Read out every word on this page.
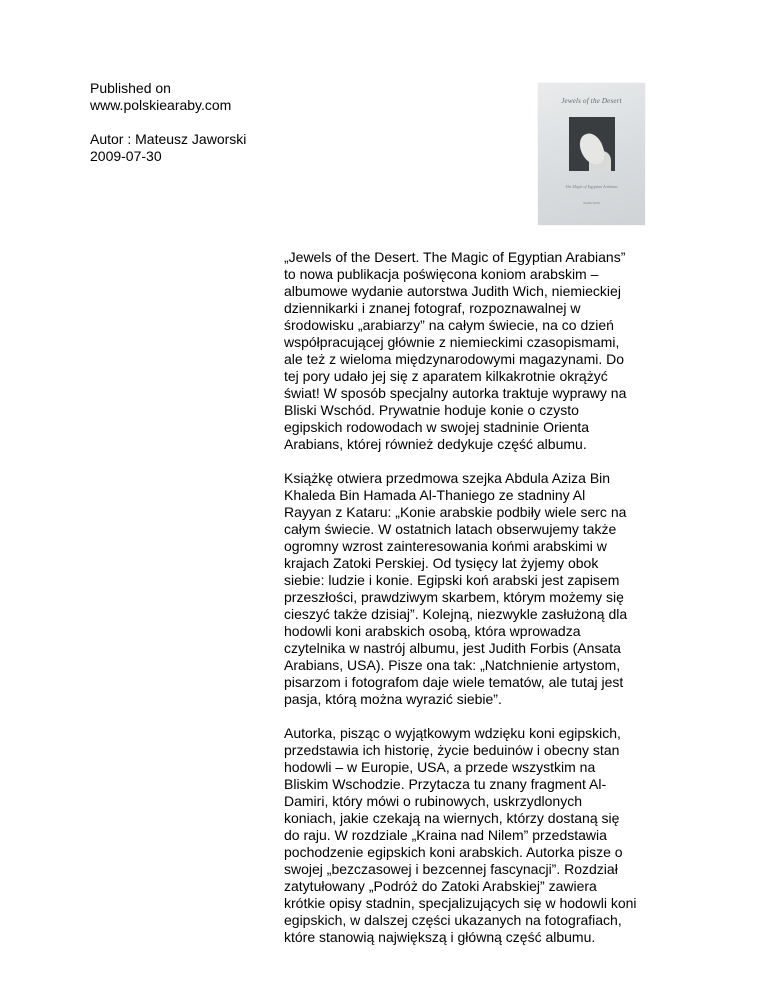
Published on
www.polskiearaby.com
Autor : Mateusz Jaworski
2009-07-30
Jewels of the Desert
The Magic of Egyptian Arabians
Judith Wich

„Jewels of the Desert. The Magic of Egyptian Arabians”
to nowa publikacja poświęcona koniom arabskim –
albumowe wydanie autorstwa Judith Wich, niemieckiej
dziennikarki i znanej fotograf, rozpoznawalnej w
środowisku „arabiarzy” na całym świecie, na co dzień
współpracującej głównie z niemieckimi czasopismami,
ale też z wieloma międzynarodowymi magazynami. Do
tej pory udało jej się z aparatem kilkakrotnie okrążyć
świat! W sposób specjalny autorka traktuje wyprawy na
Bliski Wschód. Prywatnie hoduje konie o czysto
egipskich rodowodach w swojej stadninie Orienta
Arabians, której również dedykuje część albumu.

Książkę otwiera przedmowa szejka Abdula Aziza Bin
Khaleda Bin Hamada Al-Thaniego ze stadniny Al
Rayyan z Kataru: „Konie arabskie podbiły wiele serc na
całym świecie. W ostatnich latach obserwujemy także
ogromny wzrost zainteresowania końmi arabskimi w
krajach Zatoki Perskiej. Od tysięcy lat żyjemy obok
siebie: ludzie i konie. Egipski koń arabski jest zapisem
przeszłości, prawdziwym skarbem, którym możemy się
cieszyć także dzisiaj”. Kolejną, niezwykle zasłużoną dla
hodowli koni arabskich osobą, która wprowadza
czytelnika w nastrój albumu, jest Judith Forbis (Ansata
Arabians, USA). Pisze ona tak: „Natchnienie artystom,
pisarzom i fotografom daje wiele tematów, ale tutaj jest
pasja, którą można wyrazić siebie”.

Autorka, pisząc o wyjątkowym wdzięku koni egipskich,
przedstawia ich historię, życie beduinów i obecny stan
hodowli – w Europie, USA, a przede wszystkim na
Bliskim Wschodzie. Przytacza tu znany fragment Al-
Damiri, który mówi o rubinowych, uskrzydlonych
koniach, jakie czekają na wiernych, którzy dostaną się
do raju. W rozdziale „Kraina nad Nilem” przedstawia
pochodzenie egipskich koni arabskich. Autorka pisze o
swojej „bezczasowej i bezcennej fascynacji”. Rozdział
zatytułowany „Podróż do Zatoki Arabskiej” zawiera
krótkie opisy stadnin, specjalizujących się w hodowli koni
egipskich, w dalszej części ukazanych na fotografiach,
które stanowią największą i główną część albumu.
